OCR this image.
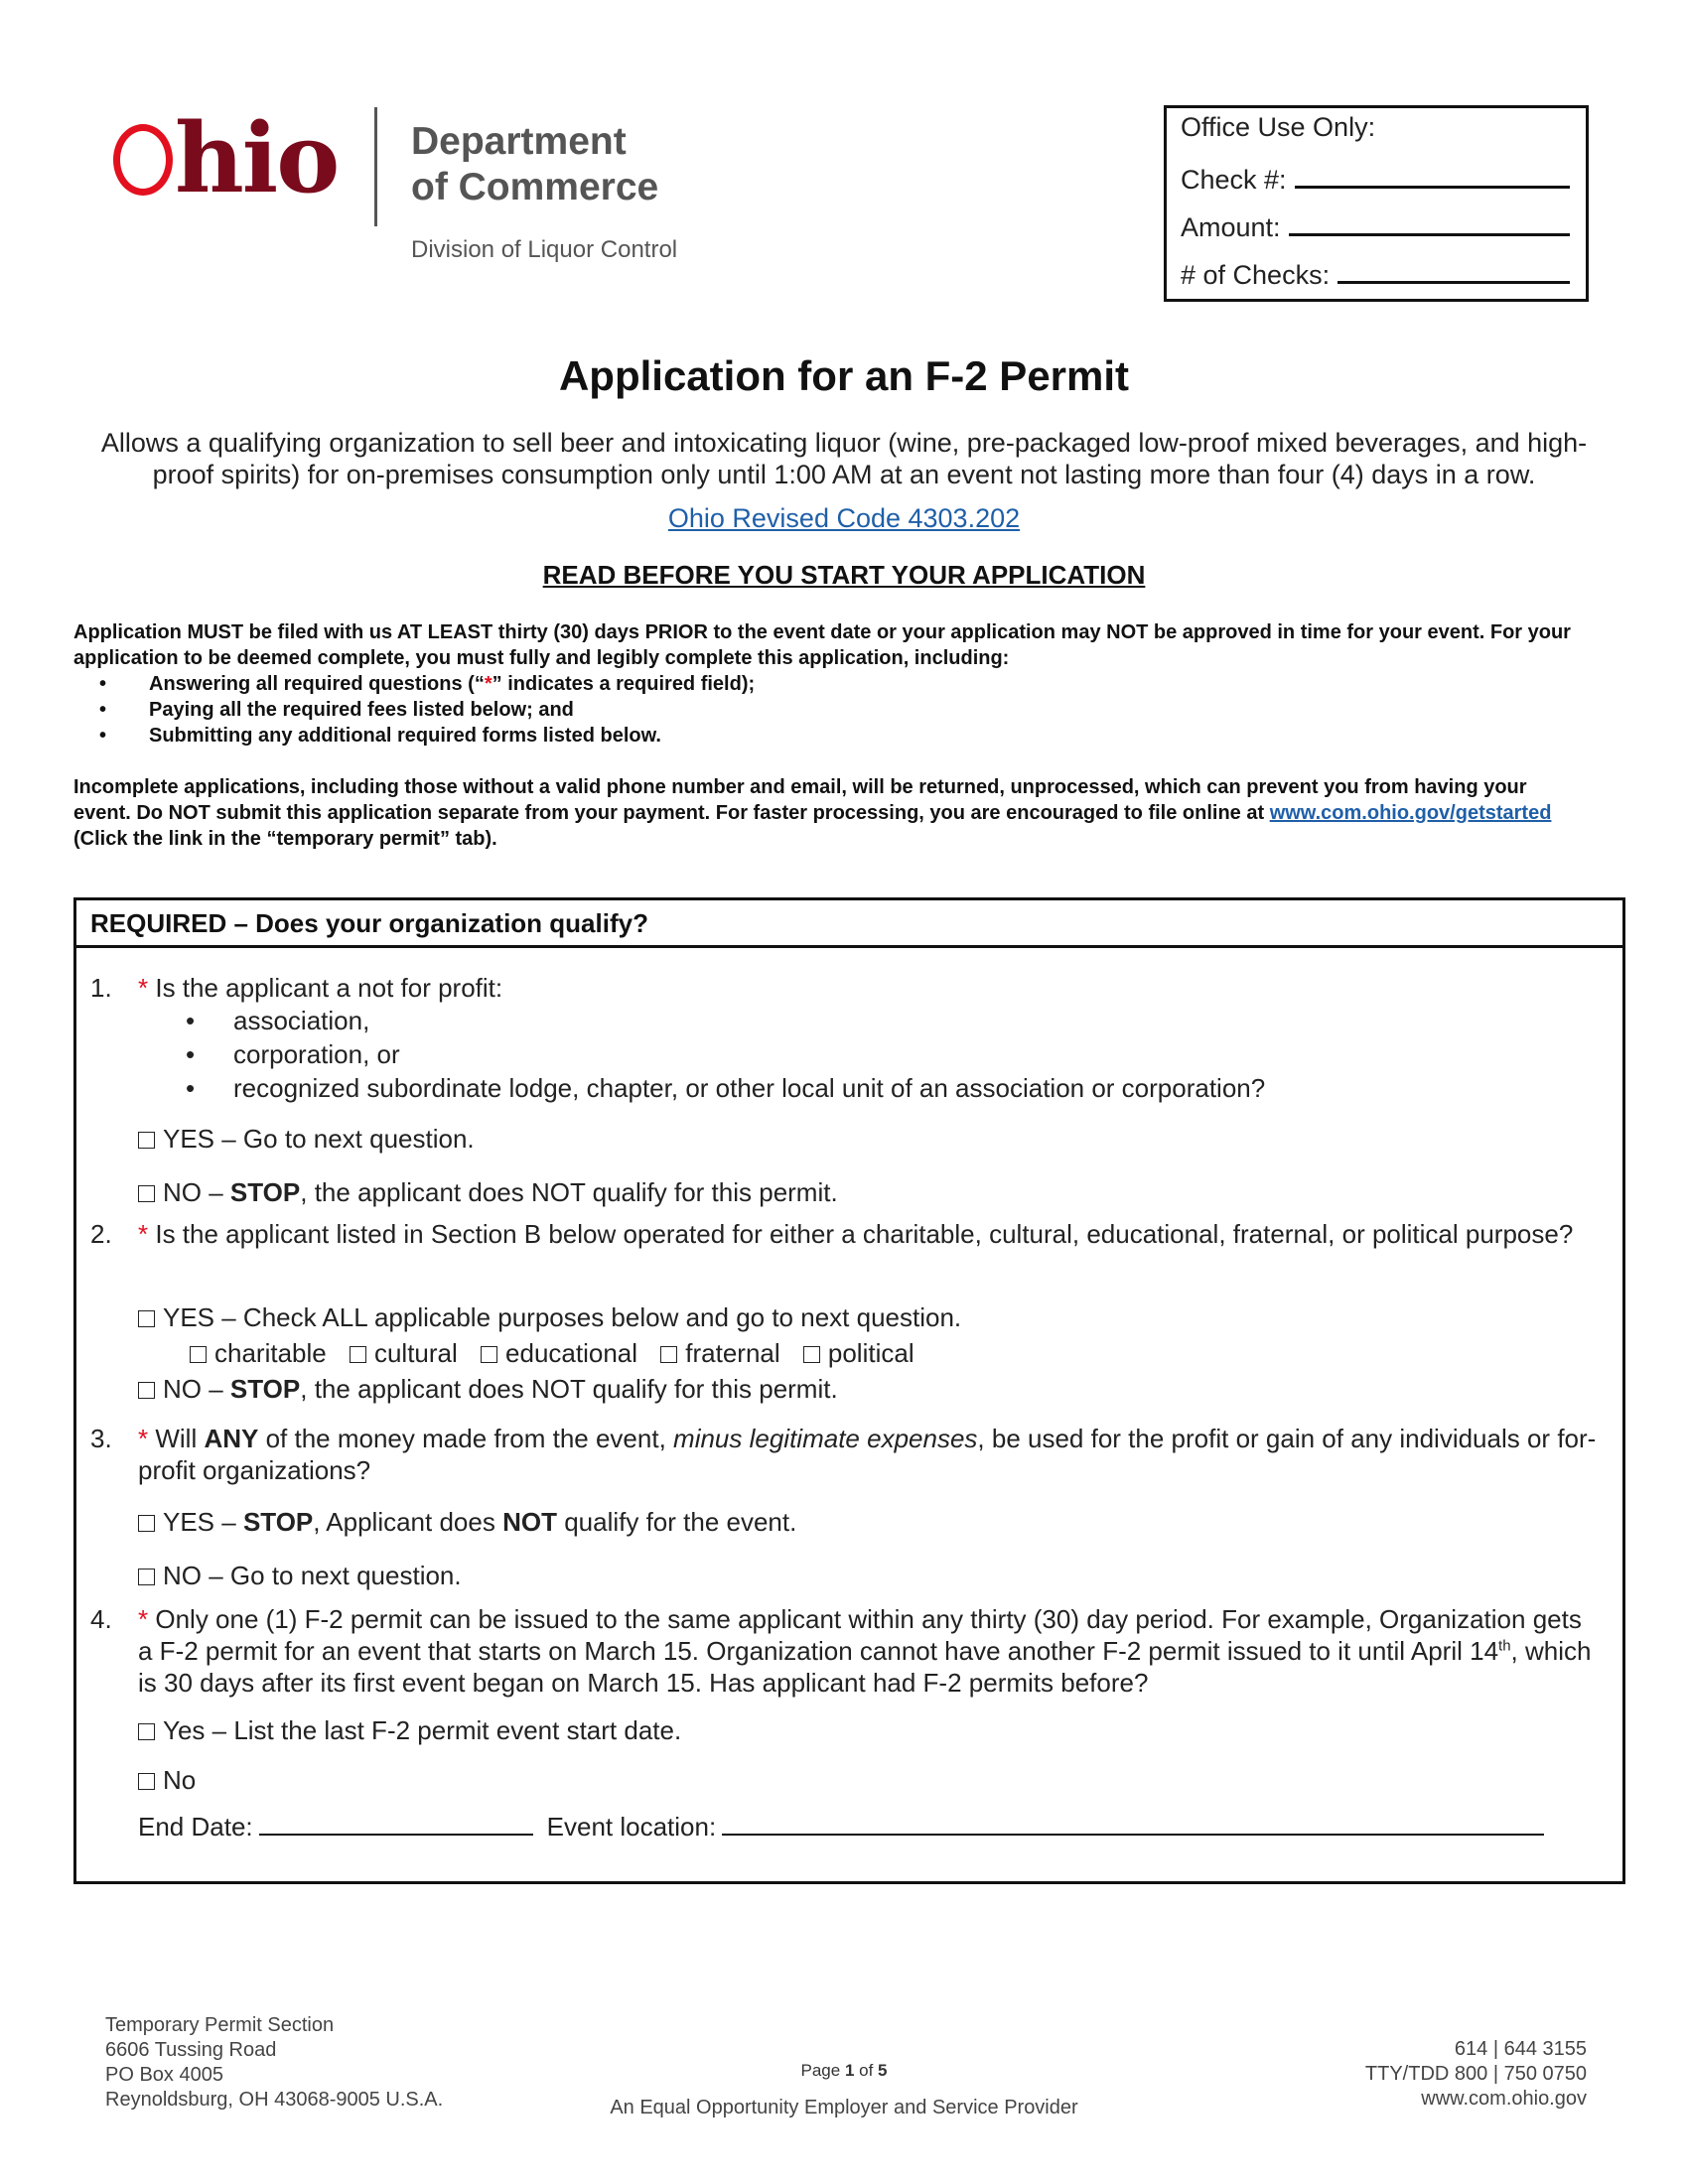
hio Department
of Commerce
Division of Liquor Control
Office Use Only:
Check #:
Amount:
# of Checks:
Application for an F-2 Permit
Allows a qualifying organization to sell beer and intoxicating liquor (wine, pre-packaged low-proof mixed beverages, and high-proof spirits) for on-premises consumption only until 1:00 AM at an event not lasting more than four (4) days in a row.
Ohio Revised Code 4303.202
READ BEFORE YOU START YOUR APPLICATION
Application MUST be filed with us AT LEAST thirty (30) days PRIOR to the event date or your application may NOT be approved in time for your event. For your application to be deemed complete, you must fully and legibly complete this application, including:
• Answering all required questions (“*” indicates a required field);
• Paying all the required fees listed below; and
• Submitting any additional required forms listed below.
Incomplete applications, including those without a valid phone number and email, will be returned, unprocessed, which can prevent you from having your event. Do NOT submit this application separate from your payment. For faster processing, you are encouraged to file online at www.com.ohio.gov/getstarted (Click the link in the “temporary permit” tab).
REQUIRED – Does your organization qualify?
1. * Is the applicant a not for profit:
• association,
• corporation, or
• recognized subordinate lodge, chapter, or other local unit of an association or corporation?
YES – Go to next question.
NO – STOP, the applicant does NOT qualify for this permit.
2. * Is the applicant listed in Section B below operated for either a charitable, cultural, educational, fraternal, or political purpose?
YES – Check ALL applicable purposes below and go to next question.
charitable cultural educational fraternal political
NO – STOP, the applicant does NOT qualify for this permit.
3. * Will ANY of the money made from the event, minus legitimate expenses, be used for the profit or gain of any individuals or for-profit organizations?
YES – STOP, Applicant does NOT qualify for the event.
NO – Go to next question.
4. * Only one (1) F-2 permit can be issued to the same applicant within any thirty (30) day period. For example, Organization gets a F-2 permit for an event that starts on March 15. Organization cannot have another F-2 permit issued to it until April 14th, which is 30 days after its first event began on March 15. Has applicant had F-2 permits before?
Yes – List the last F-2 permit event start date.
No
End Date:	Event location:
Temporary Permit Section
6606 Tussing Road
PO Box 4005
Reynoldsburg, OH 43068-9005 U.S.A.
Page 1 of 5
An Equal Opportunity Employer and Service Provider
614 | 644 3155
TTY/TDD 800 | 750 0750
www.com.ohio.gov
